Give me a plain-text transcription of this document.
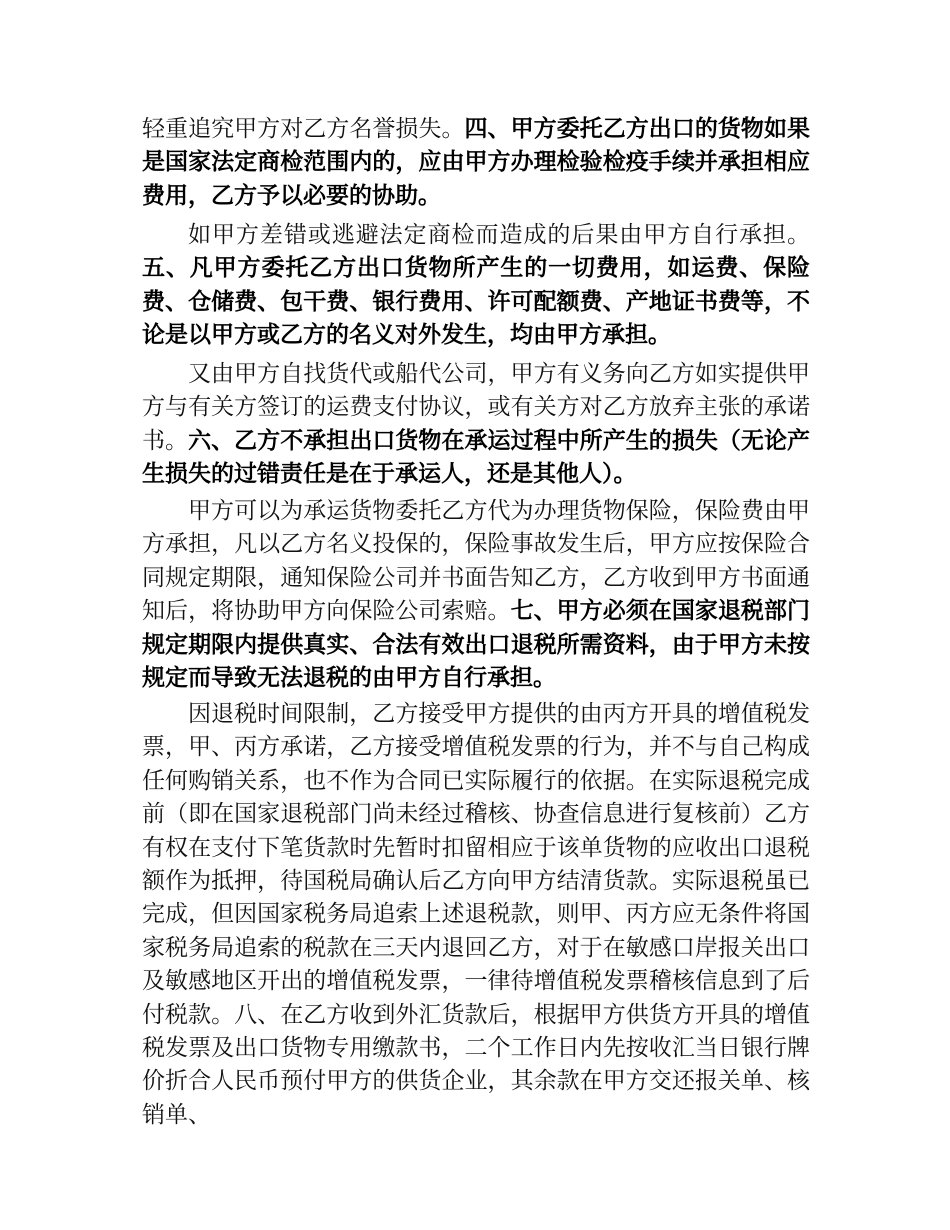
轻重追究甲方对乙方名誉损失。四、甲方委托乙方出口的货物如果是国家法定商检范围内的，应由甲方办理检验检疫手续并承担相应费用，乙方予以必要的协助。

如甲方差错或逃避法定商检而造成的后果由甲方自行承担。五、凡甲方委托乙方出口货物所产生的一切费用，如运费、保险费、仓储费、包干费、银行费用、许可配额费、产地证书费等，不论是以甲方或乙方的名义对外发生，均由甲方承担。

又由甲方自找货代或船代公司，甲方有义务向乙方如实提供甲方与有关方签订的运费支付协议，或有关方对乙方放弃主张的承诺书。六、乙方不承担出口货物在承运过程中所产生的损失（无论产生损失的过错责任是在于承运人，还是其他人）。

甲方可以为承运货物委托乙方代为办理货物保险，保险费由甲方承担，凡以乙方名义投保的，保险事故发生后，甲方应按保险合同规定期限，通知保险公司并书面告知乙方，乙方收到甲方书面通知后，将协助甲方向保险公司索赔。七、甲方必须在国家退税部门规定期限内提供真实、合法有效出口退税所需资料，由于甲方未按规定而导致无法退税的由甲方自行承担。

因退税时间限制，乙方接受甲方提供的由丙方开具的增值税发票，甲、丙方承诺，乙方接受增值税发票的行为，并不与自己构成任何购销关系，也不作为合同已实际履行的依据。在实际退税完成前（即在国家退税部门尚未经过稽核、协查信息进行复核前）乙方有权在支付下笔货款时先暂时扣留相应于该单货物的应收出口退税额作为抵押，待国税局确认后乙方向甲方结清货款。实际退税虽已完成，但因国家税务局追索上述退税款，则甲、丙方应无条件将国家税务局追索的税款在三天内退回乙方，对于在敏感口岸报关出口及敏感地区开出的增值税发票，一律待增值税发票稽核信息到了后付税款。八、在乙方收到外汇货款后，根据甲方供货方开具的增值税发票及出口货物专用缴款书，二个工作日内先按收汇当日银行牌价折合人民币预付甲方的供货企业，其余款在甲方交还报关单、核销单、
